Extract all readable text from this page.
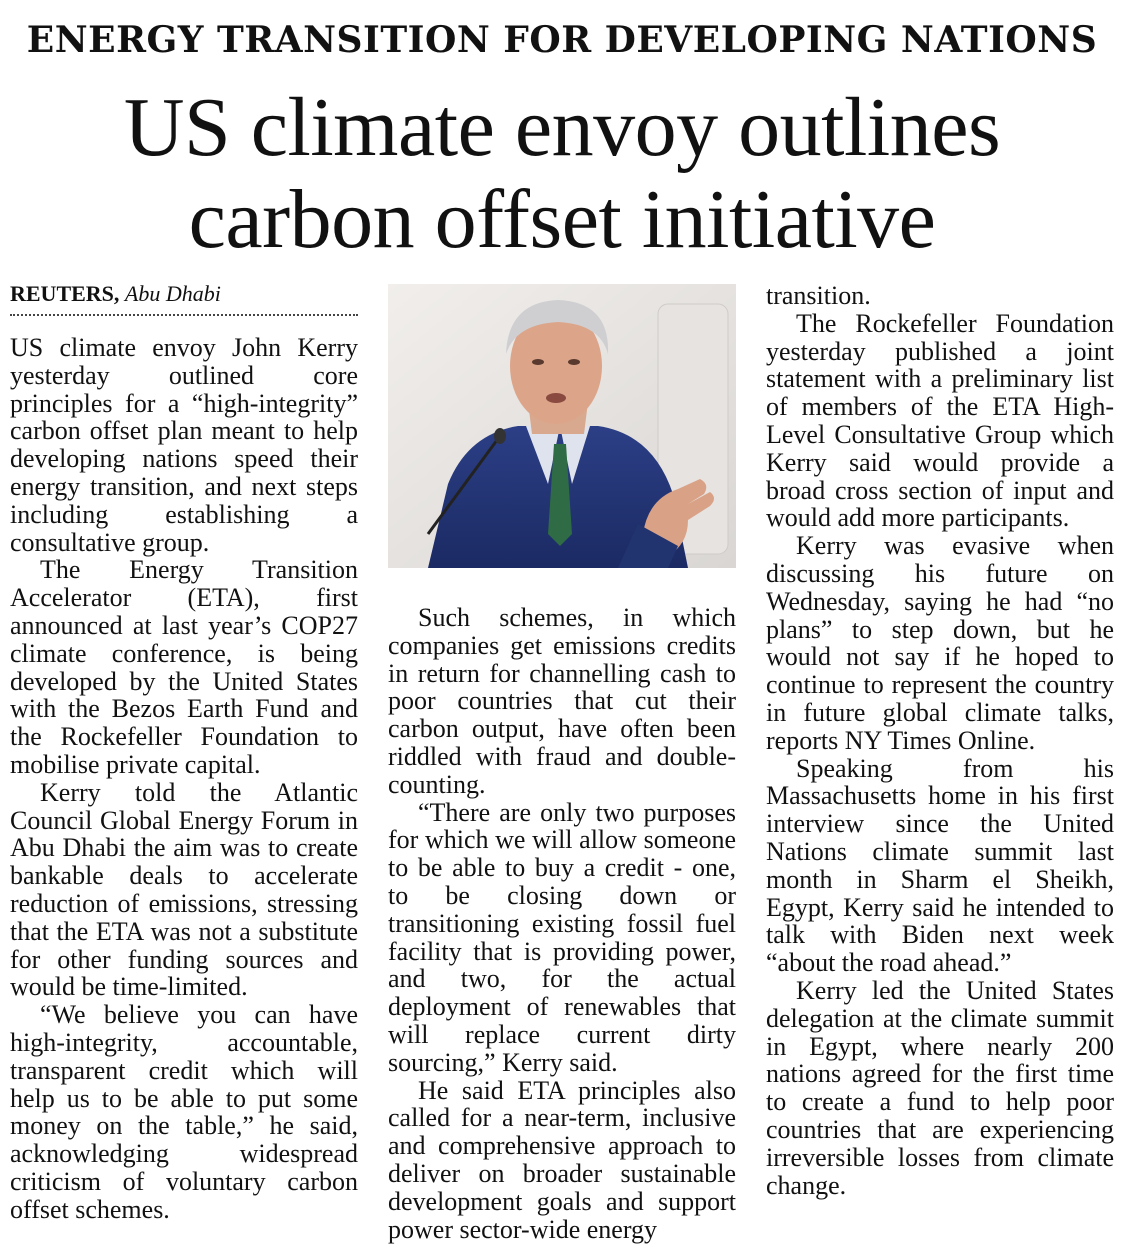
ENERGY TRANSITION FOR DEVELOPING NATIONS
US climate envoy outlines
carbon offset initiative
REUTERS, Abu Dhabi

US climate envoy John Kerry yesterday outlined core principles for a “high-integrity” carbon offset plan meant to help developing nations speed their energy transition, and next steps including establishing a consultative group.

The Energy Transition Accelerator (ETA), first announced at last year’s COP27 climate conference, is being developed by the United States with the Bezos Earth Fund and the Rockefeller Foundation to mobilise private capital.

Kerry told the Atlantic Council Global Energy Forum in Abu Dhabi the aim was to create bankable deals to accelerate reduction of emissions, stressing that the ETA was not a substitute for other funding sources and would be time-limited.

“We believe you can have high-integrity, accountable, transparent credit which will help us to be able to put some money on the table,” he said, acknowledging widespread criticism of voluntary carbon offset schemes.

Such schemes, in which companies get emissions credits in return for channelling cash to poor countries that cut their carbon output, have often been riddled with fraud and double-counting.

“There are only two purposes for which we will allow someone to be able to buy a credit - one, to be closing down or transitioning existing fossil fuel facility that is providing power, and two, for the actual deployment of renewables that will replace current dirty sourcing,” Kerry said.

He said ETA principles also called for a near-term, inclusive and comprehensive approach to deliver on broader sustainable development goals and support power sector-wide energy

transition.

The Rockefeller Foundation yesterday published a joint statement with a preliminary list of members of the ETA High-Level Consultative Group which Kerry said would provide a broad cross section of input and would add more participants.

Kerry was evasive when discussing his future on Wednesday, saying he had “no plans” to step down, but he would not say if he hoped to continue to represent the country in future global climate talks, reports NY Times Online.

Speaking from his Massachusetts home in his first interview since the United Nations climate summit last month in Sharm el Sheikh, Egypt, Kerry said he intended to talk with Biden next week “about the road ahead.”

Kerry led the United States delegation at the climate summit in Egypt, where nearly 200 nations agreed for the first time to create a fund to help poor countries that are experiencing irreversible losses from climate change.
